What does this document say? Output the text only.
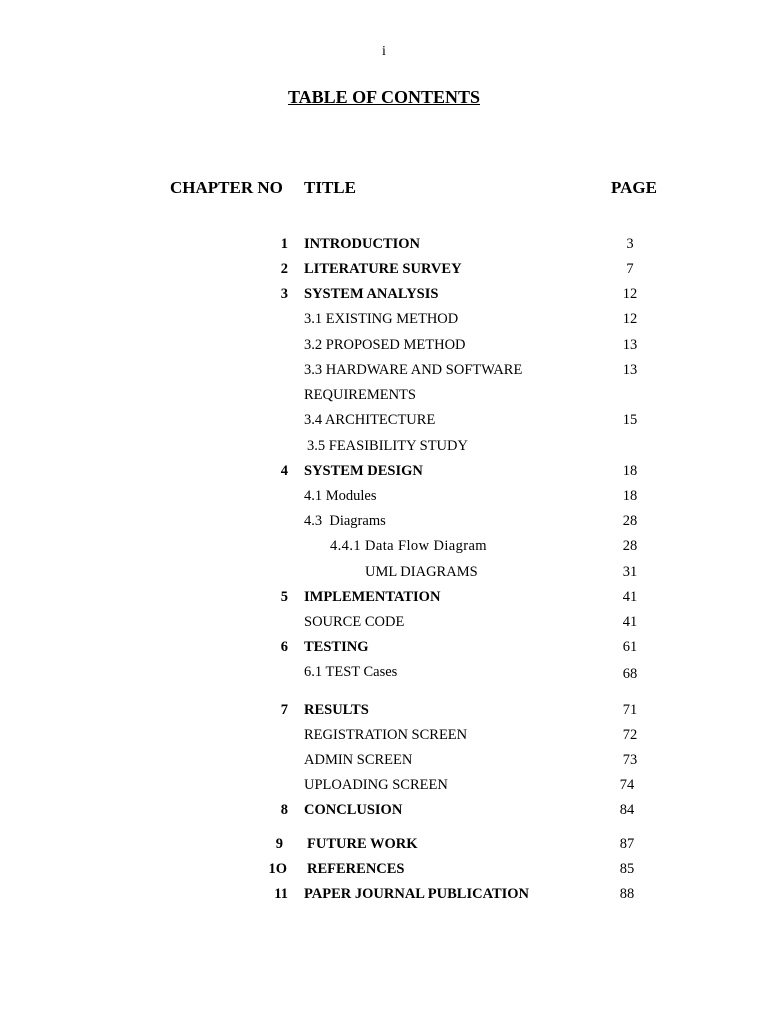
i
TABLE OF CONTENTS
CHAPTER NO TITLE	PAGE
1 INTRODUCTION	3
2 LITERATURE SURVEY	7
3 SYSTEM ANALYSIS	12
3.1 EXISTING METHOD	12
3.2 PROPOSED METHOD	13
3.3 HARDWARE AND SOFTWARE	13
REQUIREMENTS
3.4 ARCHITECTURE	15
3.5 FEASIBILITY STUDY
4 SYSTEM DESIGN	18
4.1 Modules	18
4.3  Diagrams	28
4.4.1 Data Flow Diagram	28
UML DIAGRAMS	31
5 IMPLEMENTATION	41
SOURCE CODE	41
6 TESTING	61
6.1 TEST Cases	68
7 RESULTS	71
REGISTRATION SCREEN	72
ADMIN SCREEN	73
UPLOADING SCREEN	74
8 CONCLUSION	84
9 FUTURE WORK	87
1O REFERENCES	85
11 PAPER JOURNAL PUBLICATION	88
